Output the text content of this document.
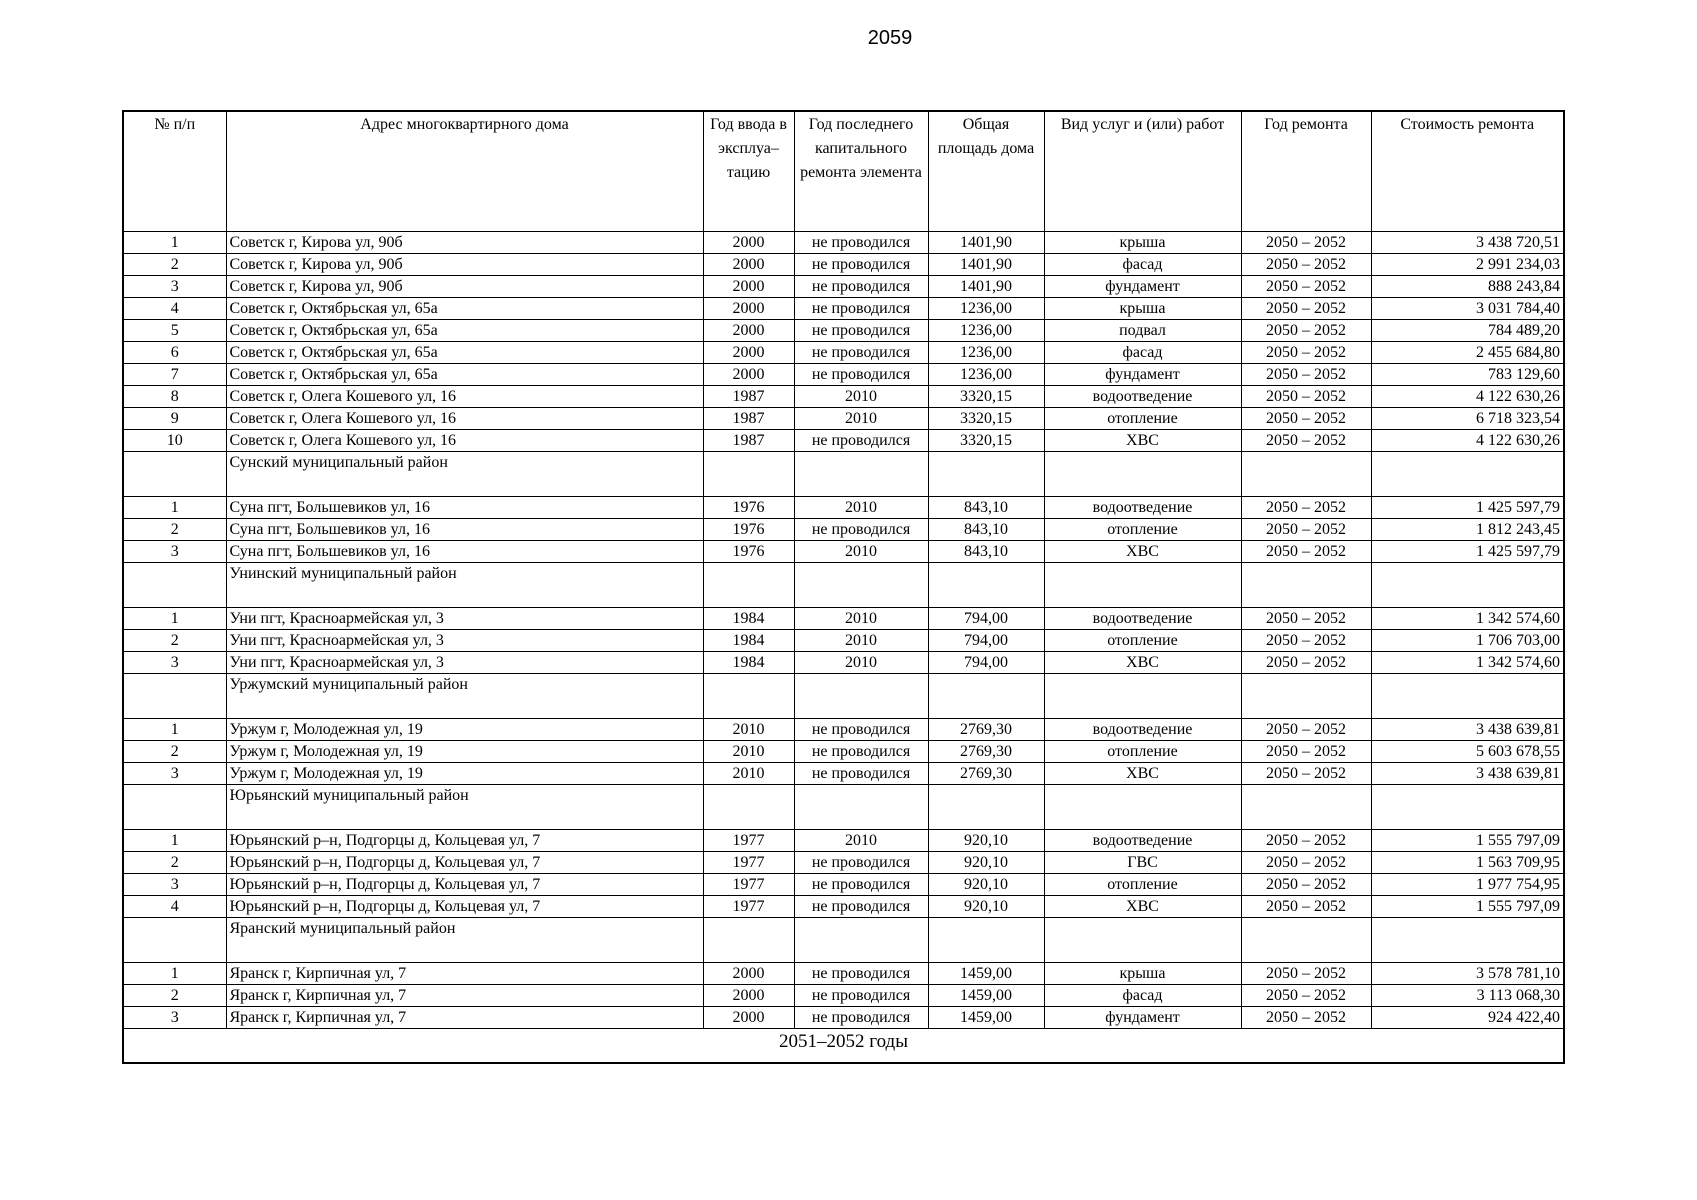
2059
№ п/п	Адрес многоквартирного дома	Год ввода в эксплуа–тацию	Год последнего капитального ремонта элемента	Общая площадь дома	Вид услуг и (или) работ	Год ремонта	Стоимость ремонта
1	Советск г, Кирова ул, 90б	2000	не проводился	1401,90	крыша	2050 – 2052	3 438 720,51
2	Советск г, Кирова ул, 90б	2000	не проводился	1401,90	фасад	2050 – 2052	2 991 234,03
3	Советск г, Кирова ул, 90б	2000	не проводился	1401,90	фундамент	2050 – 2052	888 243,84
4	Советск г, Октябрьская ул, 65а	2000	не проводился	1236,00	крыша	2050 – 2052	3 031 784,40
5	Советск г, Октябрьская ул, 65а	2000	не проводился	1236,00	подвал	2050 – 2052	784 489,20
6	Советск г, Октябрьская ул, 65а	2000	не проводился	1236,00	фасад	2050 – 2052	2 455 684,80
7	Советск г, Октябрьская ул, 65а	2000	не проводился	1236,00	фундамент	2050 – 2052	783 129,60
8	Советск г, Олега Кошевого ул, 16	1987	2010	3320,15	водоотведение	2050 – 2052	4 122 630,26
9	Советск г, Олега Кошевого ул, 16	1987	2010	3320,15	отопление	2050 – 2052	6 718 323,54
10	Советск г, Олега Кошевого ул, 16	1987	не проводился	3320,15	ХВС	2050 – 2052	4 122 630,26
	Сунский муниципальный район						
1	Суна пгт, Большевиков ул, 16	1976	2010	843,10	водоотведение	2050 – 2052	1 425 597,79
2	Суна пгт, Большевиков ул, 16	1976	не проводился	843,10	отопление	2050 – 2052	1 812 243,45
3	Суна пгт, Большевиков ул, 16	1976	2010	843,10	ХВС	2050 – 2052	1 425 597,79
	Унинский муниципальный район						
1	Уни пгт, Красноармейская ул, 3	1984	2010	794,00	водоотведение	2050 – 2052	1 342 574,60
2	Уни пгт, Красноармейская ул, 3	1984	2010	794,00	отопление	2050 – 2052	1 706 703,00
3	Уни пгт, Красноармейская ул, 3	1984	2010	794,00	ХВС	2050 – 2052	1 342 574,60
	Уржумский муниципальный район						
1	Уржум г, Молодежная ул, 19	2010	не проводился	2769,30	водоотведение	2050 – 2052	3 438 639,81
2	Уржум г, Молодежная ул, 19	2010	не проводился	2769,30	отопление	2050 – 2052	5 603 678,55
3	Уржум г, Молодежная ул, 19	2010	не проводился	2769,30	ХВС	2050 – 2052	3 438 639,81
	Юрьянский муниципальный район						
1	Юрьянский р–н, Подгорцы д, Кольцевая ул, 7	1977	2010	920,10	водоотведение	2050 – 2052	1 555 797,09
2	Юрьянский р–н, Подгорцы д, Кольцевая ул, 7	1977	не проводился	920,10	ГВС	2050 – 2052	1 563 709,95
3	Юрьянский р–н, Подгорцы д, Кольцевая ул, 7	1977	не проводился	920,10	отопление	2050 – 2052	1 977 754,95
4	Юрьянский р–н, Подгорцы д, Кольцевая ул, 7	1977	не проводился	920,10	ХВС	2050 – 2052	1 555 797,09
	Яранский муниципальный район						
1	Яранск г, Кирпичная ул, 7	2000	не проводился	1459,00	крыша	2050 – 2052	3 578 781,10
2	Яранск г, Кирпичная ул, 7	2000	не проводился	1459,00	фасад	2050 – 2052	3 113 068,30
3	Яранск г, Кирпичная ул, 7	2000	не проводился	1459,00	фундамент	2050 – 2052	924 422,40
2051–2052 годы							
